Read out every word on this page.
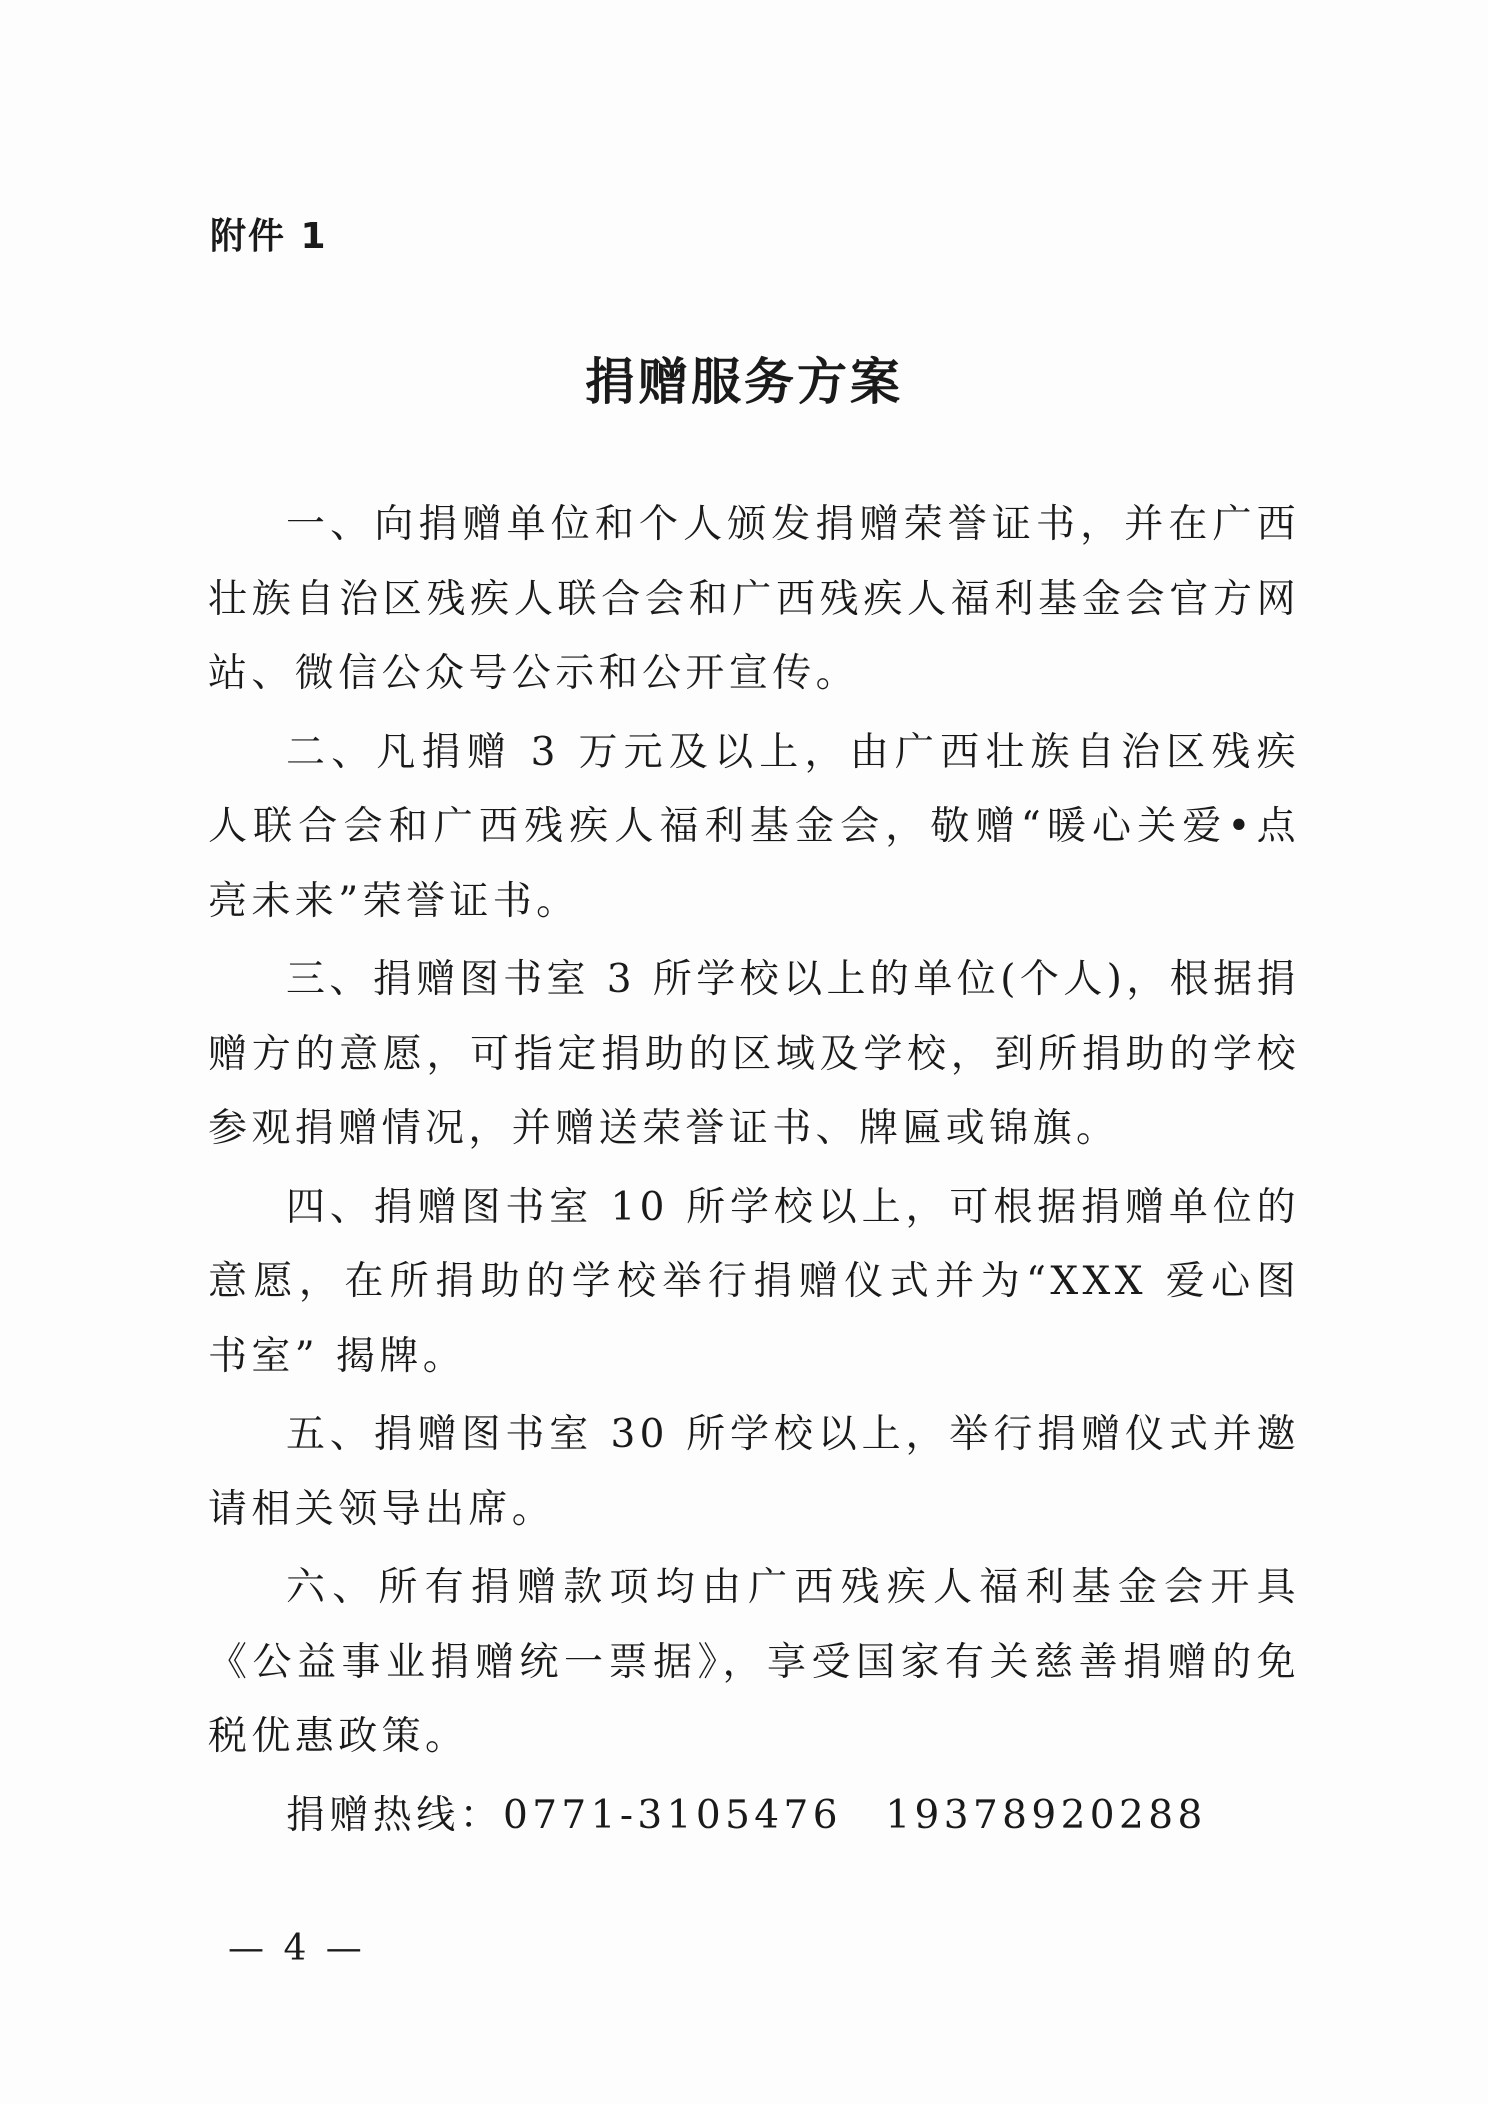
附件 1
捐赠服务方案

一、向捐赠单位和个人颁发捐赠荣誉证书，并在广西壮族自治区残疾人联合会和广西残疾人福利基金会官方网站、微信公众号公示和公开宣传。

二、凡捐赠 3 万元及以上，由广西壮族自治区残疾人联合会和广西残疾人福利基金会，敬赠“暖心关爱•点亮未来”荣誉证书。

三、捐赠图书室 3 所学校以上的单位(个人)，根据捐赠方的意愿，可指定捐助的区域及学校，到所捐助的学校参观捐赠情况，并赠送荣誉证书、牌匾或锦旗。

四、捐赠图书室 10 所学校以上，可根据捐赠单位的意愿，在所捐助的学校举行捐赠仪式并为“XXX 爱心图书室” 揭牌。

五、捐赠图书室 30 所学校以上，举行捐赠仪式并邀请相关领导出席。

六、所有捐赠款项均由广西残疾人福利基金会开具《公益事业捐赠统一票据》，享受国家有关慈善捐赠的免税优惠政策。

捐赠热线：0771-3105476　19378920288

— 4 —
